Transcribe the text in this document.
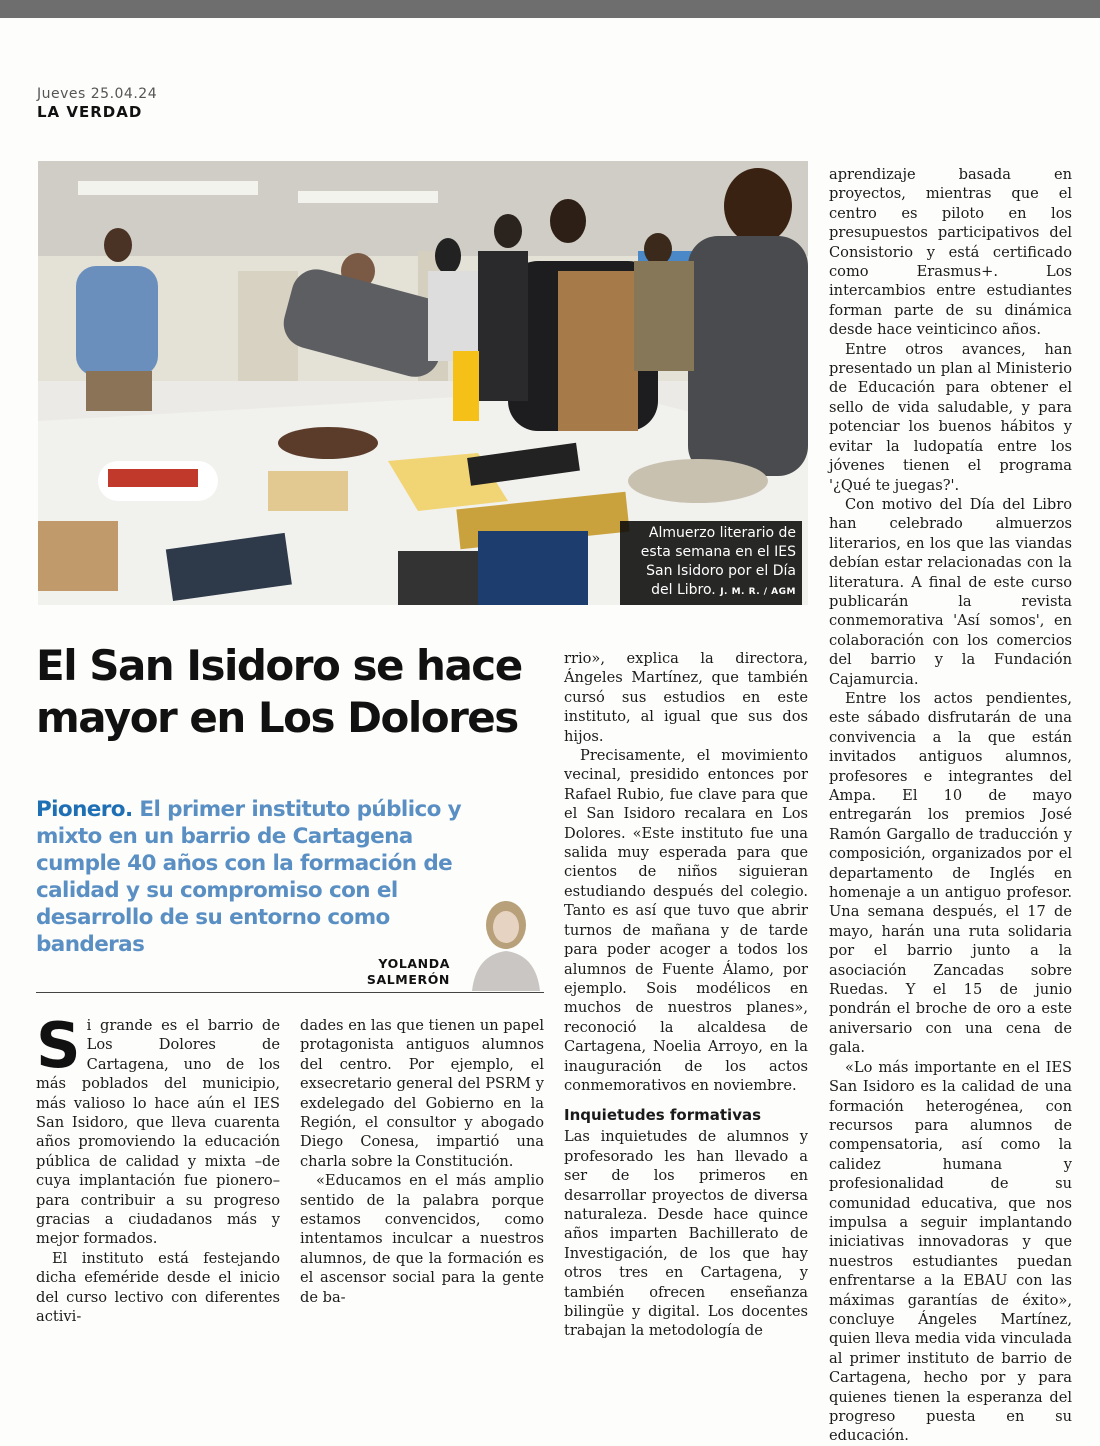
Jueves 25.04.24
LA VERDAD
Almuerzo literario de esta semana en el IES San Isidoro por el Día del Libro. J. M. R. / AGM
El San Isidoro se hace mayor en Los Dolores

Pionero. El primer instituto público y mixto en un barrio de Cartagena cumple 40 años con la formación de calidad y su compromiso con el desarrollo de su entorno como banderas

YOLANDA
SALMERÓN
S i grande es el barrio de Los Dolores de Cartagena, uno de los más poblados del municipio, más valioso lo hace aún el IES San Isidoro, que lleva cuarenta años promoviendo la educación pública de calidad y mixta –de cuya implantación fue pionero– para contribuir a su progreso gracias a ciudadanos más y mejor formados.

El instituto está festejando dicha efeméride desde el inicio del curso lectivo con diferentes activi-

dades en las que tienen un papel protagonista antiguos alumnos del centro. Por ejemplo, el exsecretario general del PSRM y exdelegado del Gobierno en la Región, el consultor y abogado Diego Conesa, impartió una charla sobre la Constitución.

«Educamos en el más amplio sentido de la palabra porque estamos convencidos, como intentamos inculcar a nuestros alumnos, de que la formación es el ascensor social para la gente de ba-

rrio», explica la directora, Ángeles Martínez, que también cursó sus estudios en este instituto, al igual que sus dos hijos.

Precisamente, el movimiento vecinal, presidido entonces por Rafael Rubio, fue clave para que el San Isidoro recalara en Los Dolores. «Este instituto fue una salida muy esperada para que cientos de niños siguieran estudiando después del colegio. Tanto es así que tuvo que abrir turnos de mañana y de tarde para poder acoger a todos los alumnos de Fuente Álamo, por ejemplo. Sois modélicos en muchos de nuestros planes», reconoció la alcaldesa de Cartagena, Noelia Arroyo, en la inauguración de los actos conmemorativos en noviembre.

Inquietudes formativas

Las inquietudes de alumnos y profesorado les han llevado a ser de los primeros en desarrollar proyectos de diversa naturaleza. Desde hace quince años imparten Bachillerato de Investigación, de los que hay otros tres en Cartagena, y también ofrecen enseñanza bilingüe y digital. Los docentes trabajan la metodología de

aprendizaje basada en proyectos, mientras que el centro es piloto en los presupuestos participativos del Consistorio y está certificado como Erasmus+. Los intercambios entre estudiantes forman parte de su dinámica desde hace veinticinco años.

Entre otros avances, han presentado un plan al Ministerio de Educación para obtener el sello de vida saludable, y para potenciar los buenos hábitos y evitar la ludopatía entre los jóvenes tienen el programa '¿Qué te juegas?'.

Con motivo del Día del Libro han celebrado almuerzos literarios, en los que las viandas debían estar relacionadas con la literatura. A final de este curso publicarán la revista conmemorativa 'Así somos', en colaboración con los comercios del barrio y la Fundación Cajamurcia.

Entre los actos pendientes, este sábado disfrutarán de una convivencia a la que están invitados antiguos alumnos, profesores e integrantes del Ampa. El 10 de mayo entregarán los premios José Ramón Gargallo de traducción y composición, organizados por el departamento de Inglés en homenaje a un antiguo profesor. Una semana después, el 17 de mayo, harán una ruta solidaria por el barrio junto a la asociación Zancadas sobre Ruedas. Y el 15 de junio pondrán el broche de oro a este aniversario con una cena de gala.

«Lo más importante en el IES San Isidoro es la calidad de una formación heterogénea, con recursos para alumnos de compensatoria, así como la calidez humana y profesionalidad de su comunidad educativa, que nos impulsa a seguir implantando iniciativas innovadoras y que nuestros estudiantes puedan enfrentarse a la EBAU con las máximas garantías de éxito», concluye Ángeles Martínez, quien lleva media vida vinculada al primer instituto de barrio de Cartagena, hecho por y para quienes tienen la esperanza del progreso puesta en su educación.
